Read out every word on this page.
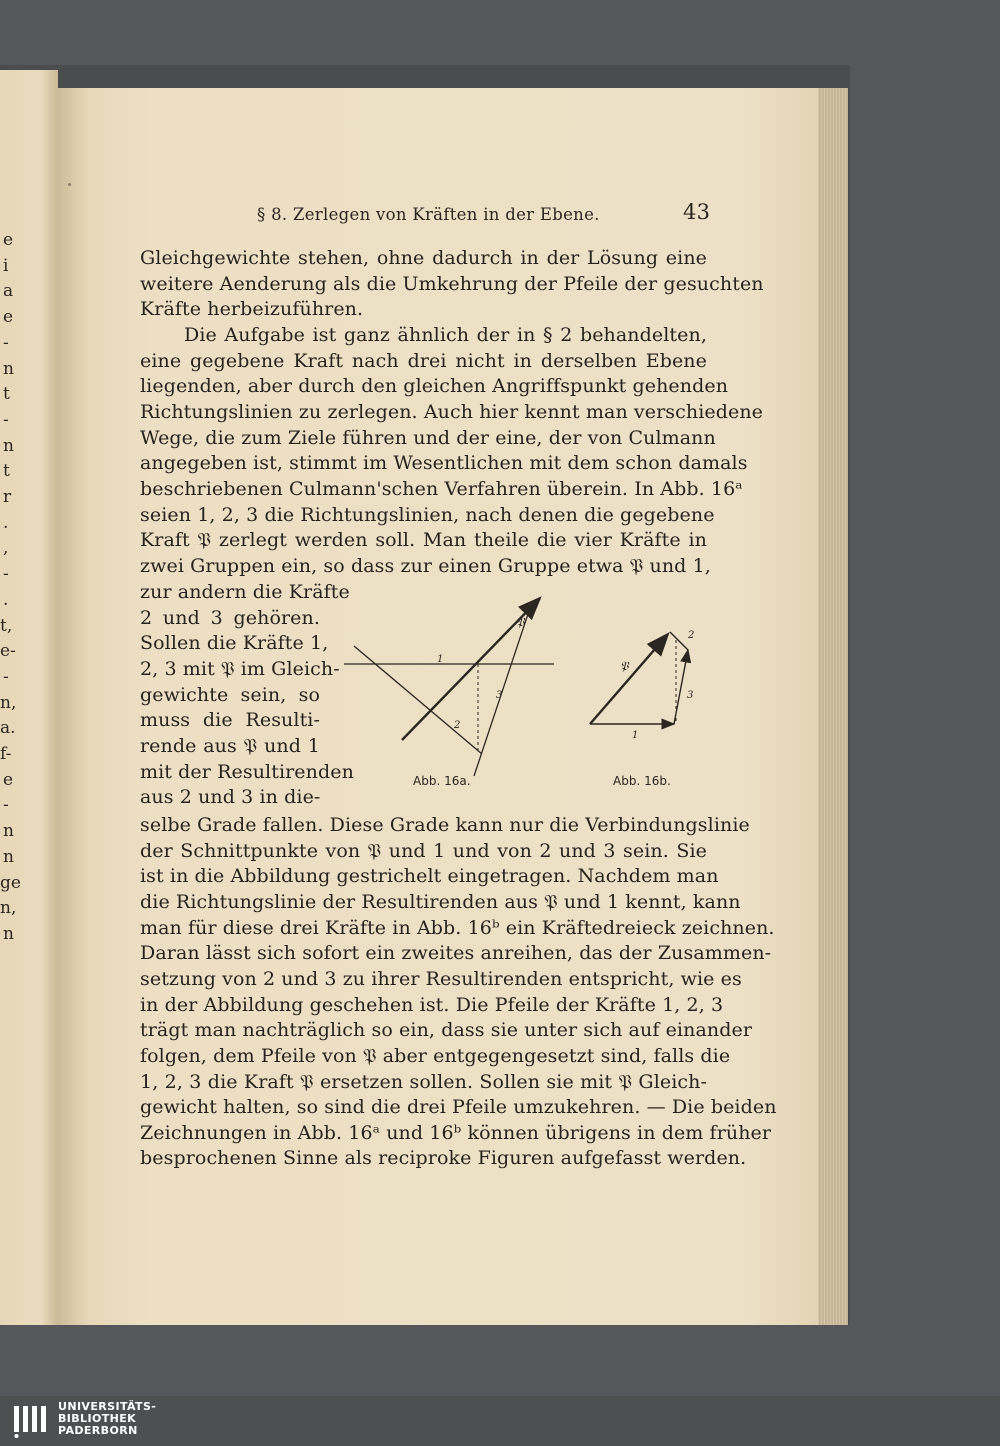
e
i
a
e
-
n
t
-
n
t
r
.
,
-
.
t,
e-
-
n,
a.
f-
e
-
n
n
ge
n,
n
§ 8. Zerlegen von Kräften in der Ebene.	43
Gleichgewichte stehen, ohne dadurch in der Lösung eine
weitere Aenderung als die Umkehrung der Pfeile der gesuchten
Kräfte herbeizuführen.
Die Aufgabe ist ganz ähnlich der in § 2 behandelten,
eine gegebene Kraft nach drei nicht in derselben Ebene
liegenden, aber durch den gleichen Angriffspunkt gehenden
Richtungslinien zu zerlegen. Auch hier kennt man verschiedene
Wege, die zum Ziele führen und der eine, der von Culmann
angegeben ist, stimmt im Wesentlichen mit dem schon damals
beschriebenen Culmann'schen Verfahren überein. In Abb. 16ᵃ
seien 1, 2, 3 die Richtungslinien, nach denen die gegebene
Kraft 𝔓 zerlegt werden soll. Man theile die vier Kräfte in
zwei Gruppen ein, so dass zur einen Gruppe etwa 𝔓 und 1,
zur andern die Kräfte
2 und 3 gehören.
Sollen die Kräfte 1,
2, 3 mit 𝔓 im Gleich-
gewichte sein, so
muss die Resulti-
rende aus 𝔓 und 1
mit der Resultirenden
aus 2 und 3 in die-
selbe Grade fallen. Diese Grade kann nur die Verbindungslinie
der Schnittpunkte von 𝔓 und 1 und von 2 und 3 sein. Sie
ist in die Abbildung gestrichelt eingetragen. Nachdem man
die Richtungslinie der Resultirenden aus 𝔓 und 1 kennt, kann
man für diese drei Kräfte in Abb. 16ᵇ ein Kräftedreieck zeichnen.
Daran lässt sich sofort ein zweites anreihen, das der Zusammen-
setzung von 2 und 3 zu ihrer Resultirenden entspricht, wie es
in der Abbildung geschehen ist. Die Pfeile der Kräfte 1, 2, 3
trägt man nachträglich so ein, dass sie unter sich auf einander
folgen, dem Pfeile von 𝔓 aber entgegengesetzt sind, falls die
1, 2, 3 die Kraft 𝔓 ersetzen sollen. Sollen sie mit 𝔓 Gleich-
gewicht halten, so sind die drei Pfeile umzukehren. — Die beiden
Zeichnungen in Abb. 16ᵃ und 16ᵇ können übrigens in dem früher
besprochenen Sinne als reciproke Figuren aufgefasst werden.
𝔓
1
3
2
2
𝔓
3
1
Abb. 16a.	Abb. 16b.
UNIVERSITÄTS-
BIBLIOTHEK
PADERBORN
